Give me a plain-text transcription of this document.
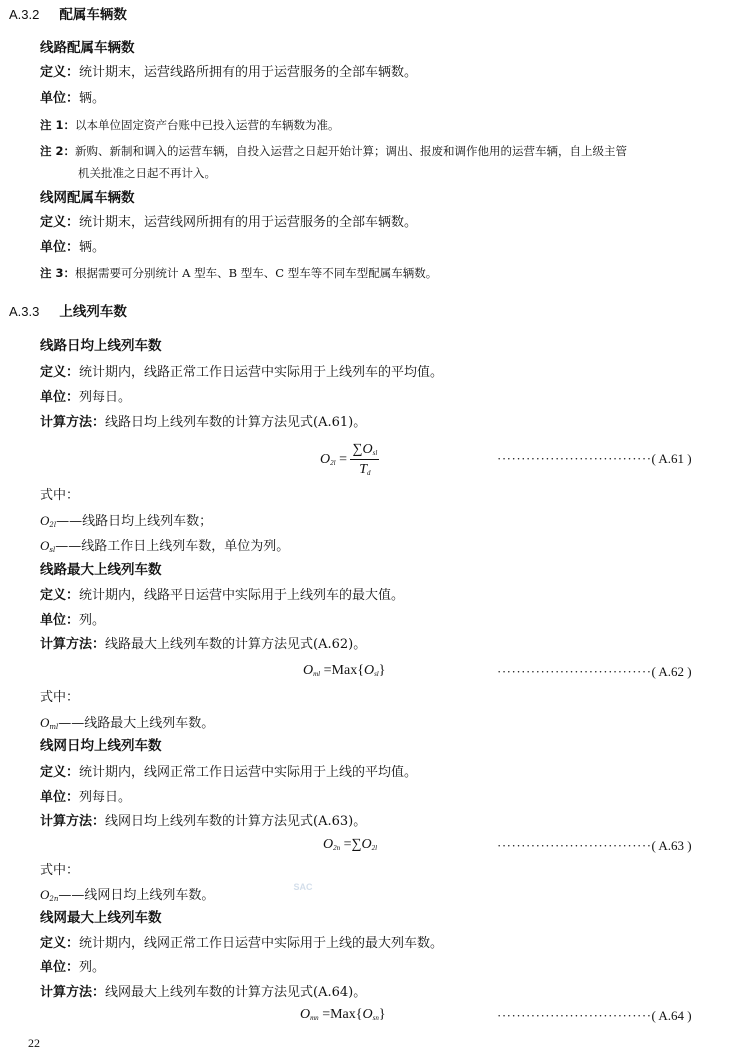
A.3.2 配属车辆数
线路配属车辆数
定义：统计期末，运营线路所拥有的用于运营服务的全部车辆数。
单位：辆。
注 1：以本单位固定资产台账中已投入运营的车辆数为准。
注 2：新购、新制和调入的运营车辆，自投入运营之日起开始计算；调出、报废和调作他用的运营车辆，自上级主管
机关批准之日起不再计入。
线网配属车辆数
定义：统计期末，运营线网所拥有的用于运营服务的全部车辆数。
单位：辆。
注 3：根据需要可分别统计 A 型车、B 型车、C 型车等不同车型配属车辆数。
A.3.3 上线列车数
线路日均上线列车数
定义：统计期内，线路正常工作日运营中实际用于上线列车的平均值。
单位：列每日。
计算方法：线路日均上线列车数的计算方法见式(A.61)。
$O_{2l} = \frac{\sum O_{sl}}{T_d}$	································( A.61 )
式中：
$O_{2l}——$线路日均上线列车数；
$O_{sl}——$线路工作日上线列车数，单位为列。
线路最大上线列车数
定义：统计期内，线路平日运营中实际用于上线列车的最大值。
单位：列。
计算方法：线路最大上线列车数的计算方法见式(A.62)。
$O_{ml} =Max\{O_{sl}\}$	································( A.62 )
式中：
$O_{ml}——$线路最大上线列车数。
线网日均上线列车数
定义：统计期内，线网正常工作日运营中实际用于上线的平均值。
单位：列每日。
计算方法：线网日均上线列车数的计算方法见式(A.63)。
$O_{2n} =\sum O_{2l}$	································( A.63 )
式中：
$O_{2n}——$线网日均上线列车数。
SAC
线网最大上线列车数
定义：统计期内，线网正常工作日运营中实际用于上线的最大列车数。
单位：列。
计算方法：线网最大上线列车数的计算方法见式(A.64)。
$O_{mn} =Max\{O_{sn}\}$	································( A.64 )
22
